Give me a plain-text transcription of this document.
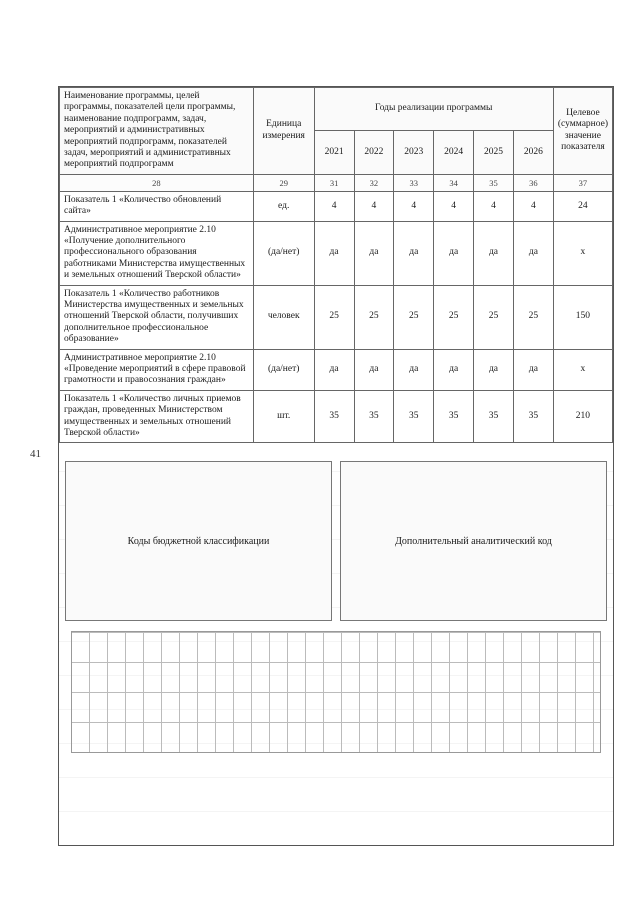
41
Наименование программы, целей программы, показателей цели программы, наименование подпрограмм, задач, мероприятий и административных мероприятий подпрограмм, показателей задач, мероприятий и административных мероприятий подпрограмм	Единица измерения	Годы реализации программы						Целевое (суммарное) значение показателя
		2021	2022	2023	2024	2025	2026	
28	29	31	32	33	34	35	36	37
Показатель 1 «Количество обновлений сайта»	ед.	4	4	4	4	4	4	24
Административное мероприятие 2.10 «Получение дополнительного профессионального образования работниками Министерства имущественных и земельных отношений Тверской области»	(да/нет)	да	да	да	да	да	да	х
Показатель 1 «Количество работников Министерства имущественных и земельных отношений Тверской области, получивших дополнительное профессиональное образование»	человек	25	25	25	25	25	25	150
Административное мероприятие 2.10 «Проведение мероприятий в сфере правовой грамотности и правосознания граждан»	(да/нет)	да	да	да	да	да	да	х
Показатель 1 «Количество личных приемов граждан, проведенных Министерством имущественных и земельных отношений Тверской области»	шт.	35	35	35	35	35	35	210
Коды бюджетной классификации	Дополнительный аналитический код
